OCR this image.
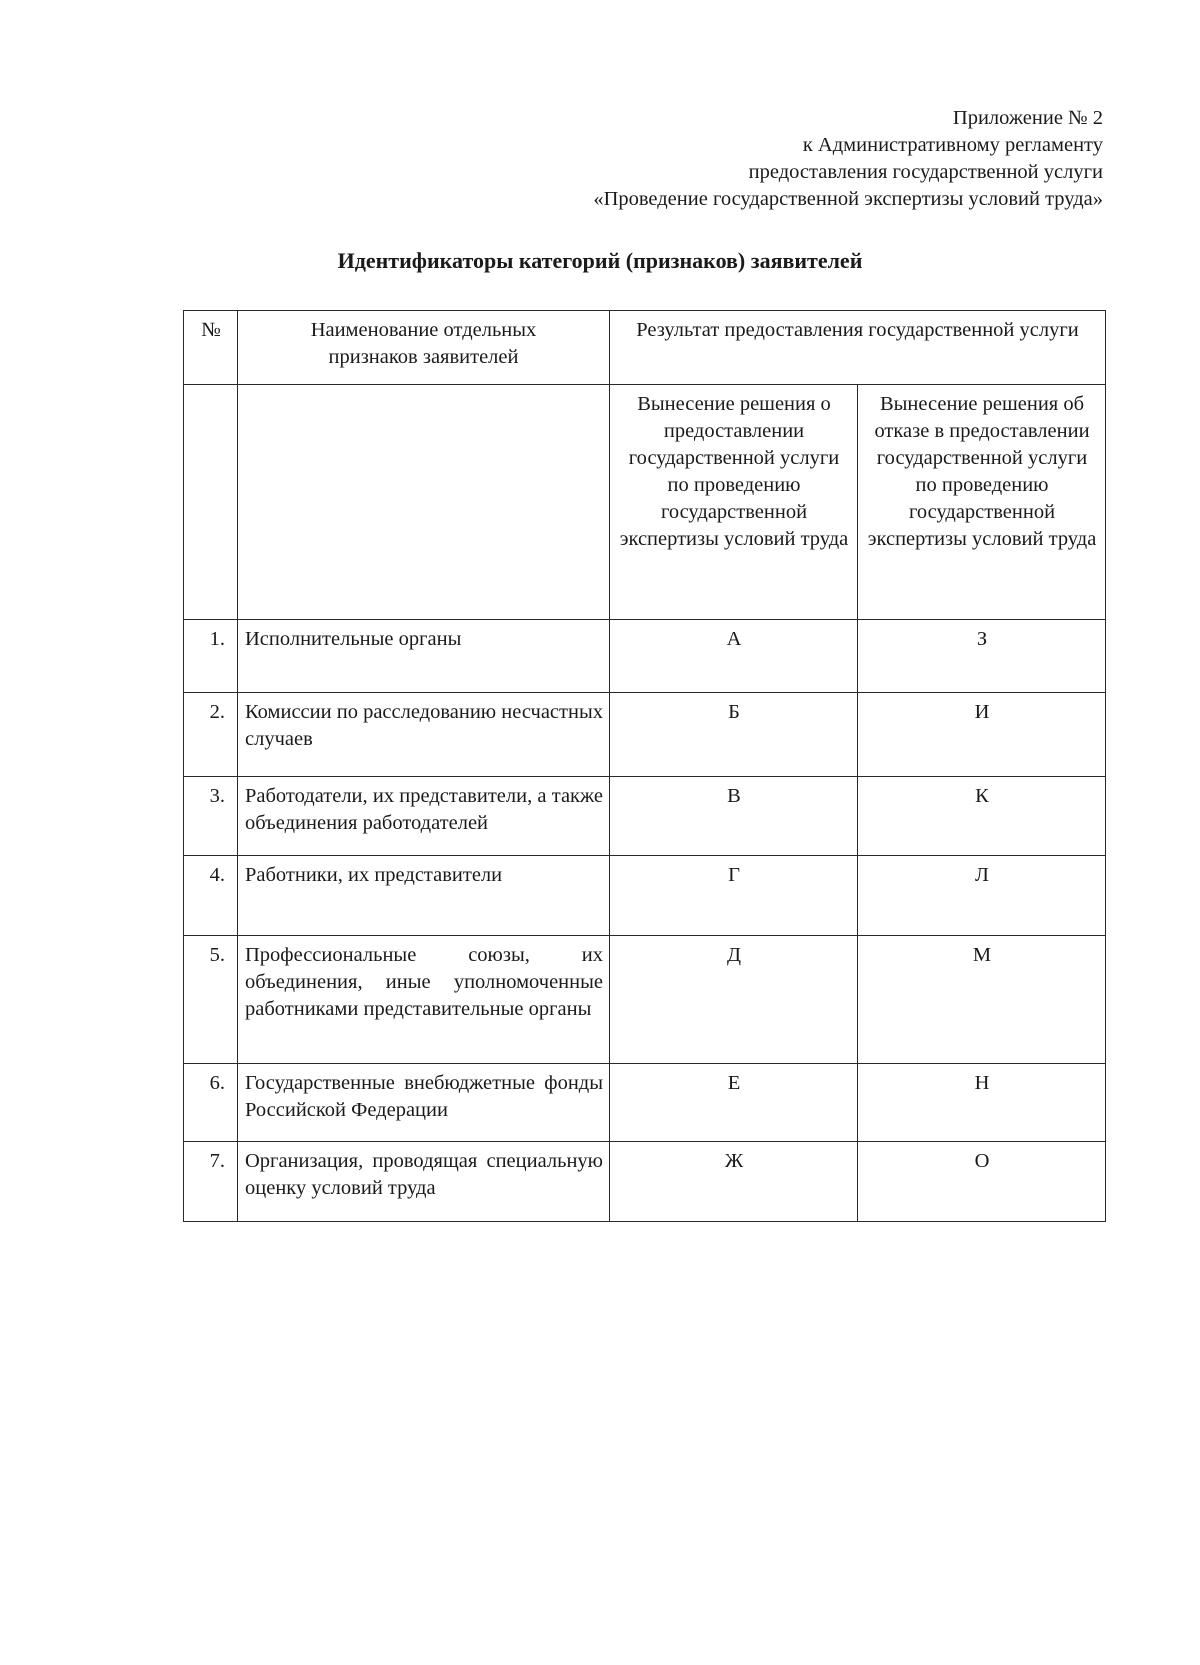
Приложение № 2
к Административному регламенту
предоставления государственной услуги
«Проведение государственной экспертизы условий труда»
Идентификаторы категорий (признаков) заявителей
№	Наименование отдельных признаков заявителей	Результат предоставления государственной услуги	
		Вынесение решения о предоставлении государственной услуги по проведению государственной экспертизы условий труда	Вынесение решения об отказе в предоставлении государственной услуги по проведению государственной экспертизы условий труда
1.	Исполнительные органы	А	З
2.	Комиссии по расследованию несчастных случаев	Б	И
3.	Работодатели, их представители, а также объединения работодателей	В	К
4.	Работники, их представители	Г	Л
5.	Профессиональные союзы, их объединения, иные уполномоченные работниками представительные органы	Д	М
6.	Государственные внебюджетные фонды Российской Федерации	Е	Н
7.	Организация, проводящая специальную оценку условий труда	Ж	О
